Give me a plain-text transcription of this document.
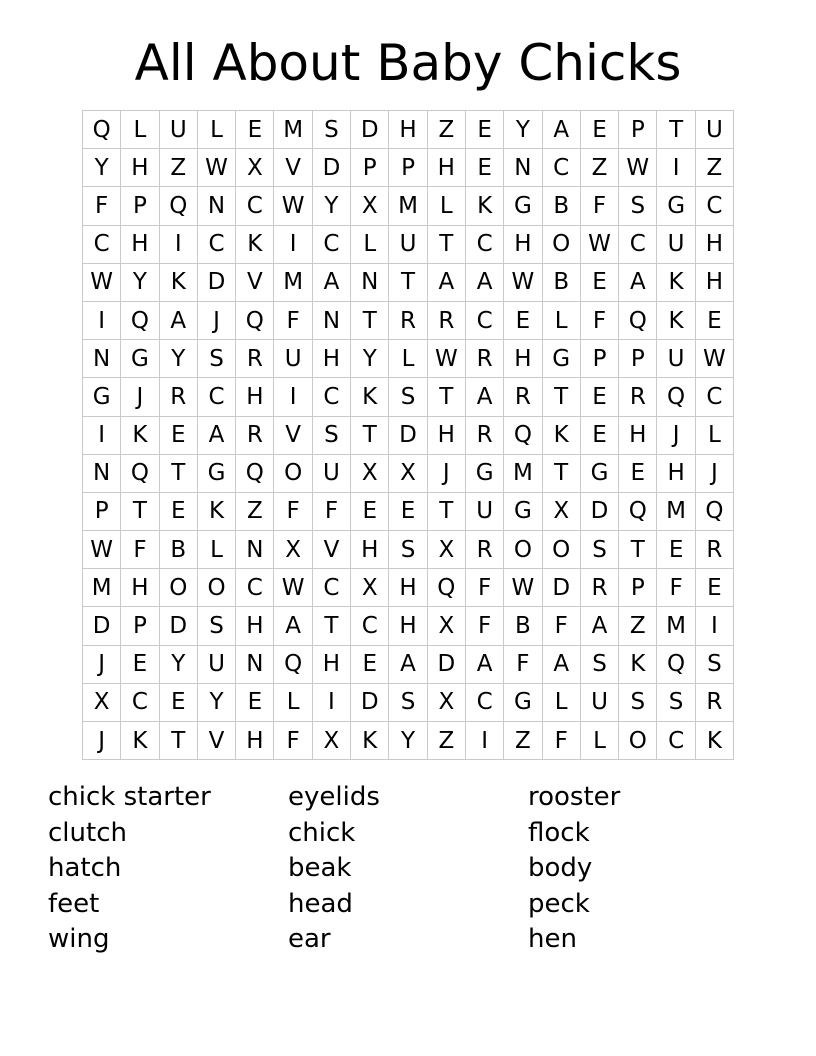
All About Baby Chicks
Q	L	U	L	E	M	S	D	H	Z	E	Y	A	E	P	T	U
Y	H	Z	W	X	V	D	P	P	H	E	N	C	Z	W	I	Z
F	P	Q	N	C	W	Y	X	M	L	K	G	B	F	S	G	C
C	H	I	C	K	I	C	L	U	T	C	H	O	W	C	U	H
W	Y	K	D	V	M	A	N	T	A	A	W	B	E	A	K	H
I	Q	A	J	Q	F	N	T	R	R	C	E	L	F	Q	K	E
N	G	Y	S	R	U	H	Y	L	W	R	H	G	P	P	U	W
G	J	R	C	H	I	C	K	S	T	A	R	T	E	R	Q	C
I	K	E	A	R	V	S	T	D	H	R	Q	K	E	H	J	L
N	Q	T	G	Q	O	U	X	X	J	G	M	T	G	E	H	J
P	T	E	K	Z	F	F	E	E	T	U	G	X	D	Q	M	Q
W	F	B	L	N	X	V	H	S	X	R	O	O	S	T	E	R
M	H	O	O	C	W	C	X	H	Q	F	W	D	R	P	F	E
D	P	D	S	H	A	T	C	H	X	F	B	F	A	Z	M	I
J	E	Y	U	N	Q	H	E	A	D	A	F	A	S	K	Q	S
X	C	E	Y	E	L	I	D	S	X	C	G	L	U	S	S	R
J	K	T	V	H	F	X	K	Y	Z	I	Z	F	L	O	C	K
chick starter
clutch
hatch
feet
wing
eyelids
chick
beak
head
ear
rooster
flock
body
peck
hen
